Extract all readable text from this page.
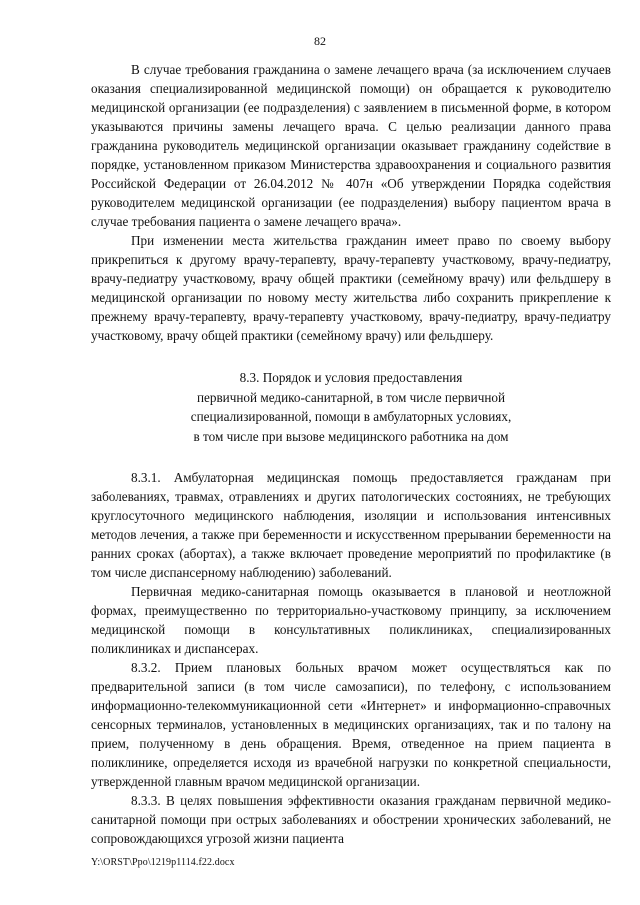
82

В случае требования гражданина о замене лечащего врача (за исключением случаев оказания специализированной медицинской помощи) он обращается к руководителю медицинской организации (ее подразделения) с заявлением в письменной форме, в котором указываются причины замены лечащего врача. С целью реализации данного права гражданина руководитель медицинской организации оказывает гражданину содействие в порядке, установленном приказом Министерства здравоохранения и социального развития Российской Федерации от 26.04.2012 № 407н «Об утверждении Порядка содействия руководителем медицинской организации (ее подразделения) выбору пациентом врача в случае требования пациента о замене лечащего врача».

При изменении места жительства гражданин имеет право по своему выбору прикрепиться к другому врачу-терапевту, врачу-терапевту участковому, врачу-педиатру, врачу-педиатру участковому, врачу общей практики (семейному врачу) или фельдшеру в медицинской организации по новому месту жительства либо сохранить прикрепление к прежнему врачу-терапевту, врачу-терапевту участковому, врачу-педиатру, врачу-педиатру участковому, врачу общей практики (семейному врачу) или фельдшеру.

8.3. Порядок и условия предоставления
первичной медико-санитарной, в том числе первичной
специализированной, помощи в амбулаторных условиях,
в том числе при вызове медицинского работника на дом

8.3.1. Амбулаторная медицинская помощь предоставляется гражданам при заболеваниях, травмах, отравлениях и других патологических состояниях, не требующих круглосуточного медицинского наблюдения, изоляции и использования интенсивных методов лечения, а также при беременности и искусственном прерывании беременности на ранних сроках (абортах), а также включает проведение мероприятий по профилактике (в том числе диспансерному наблюдению) заболеваний.

Первичная медико-санитарная помощь оказывается в плановой и неотложной формах, преимущественно по территориально-участковому принципу, за исключением медицинской помощи в консультативных поликлиниках, специализированных поликлиниках и диспансерах.

8.3.2. Прием плановых больных врачом может осуществляться как по предварительной записи (в том числе самозаписи), по телефону, с использованием информационно-телекоммуникационной сети «Интернет» и информационно-справочных сенсорных терминалов, установленных в медицинских организациях, так и по талону на прием, полученному в день обращения. Время, отведенное на прием пациента в поликлинике, определяется исходя из врачебной нагрузки по конкретной специальности, утвержденной главным врачом медицинской организации.

8.3.3. В целях повышения эффективности оказания гражданам первичной медико-санитарной помощи при острых заболеваниях и обострении хронических заболеваний, не сопровождающихся угрозой жизни пациента

Y:\ORST\Ppo\1219p1114.f22.docx
